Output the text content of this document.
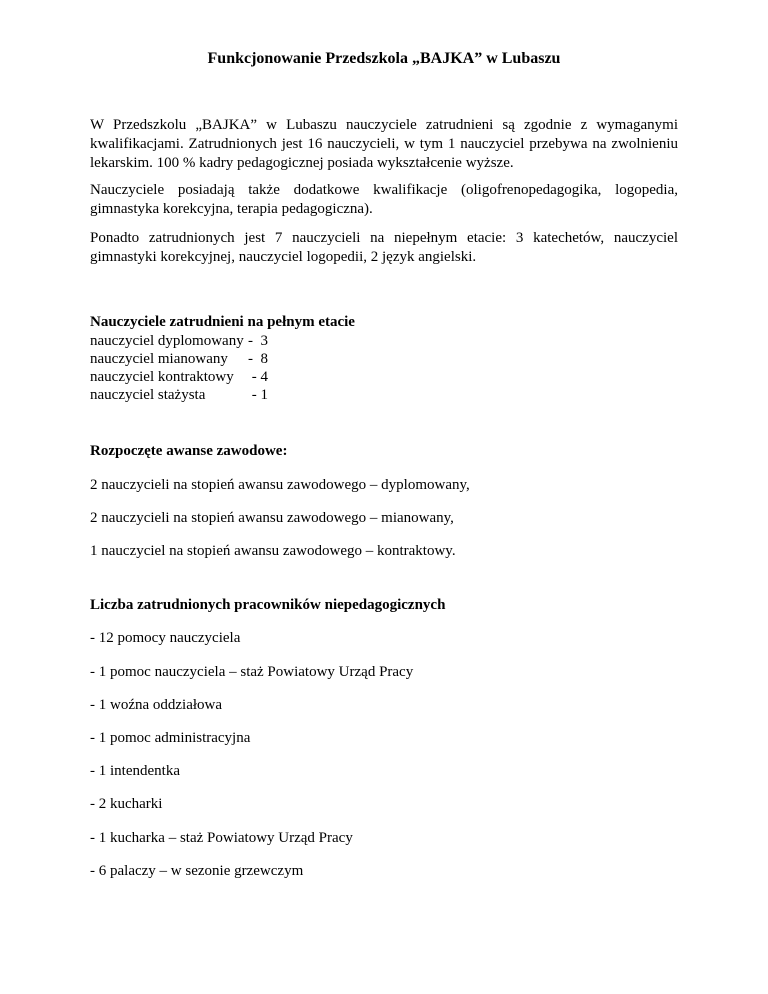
Funkcjonowanie Przedszkola „BAJKA” w Lubaszu

W Przedszkolu „BAJKA” w Lubaszu nauczyciele zatrudnieni są zgodnie z wymaganymi kwalifikacjami. Zatrudnionych jest 16 nauczycieli, w tym 1 nauczyciel przebywa na zwolnieniu lekarskim. 100 % kadry pedagogicznej posiada wykształcenie wyższe.

Nauczyciele posiadają także dodatkowe kwalifikacje (oligofrenopedagogika, logopedia, gimnastyka korekcyjna, terapia pedagogiczna).

Ponadto zatrudnionych jest 7 nauczycieli na niepełnym etacie: 3 katechetów, nauczyciel gimnastyki korekcyjnej, nauczyciel logopedii, 2 język angielski.

Nauczyciele zatrudnieni na pełnym etacie

nauczyciel dyplomowany -  3
nauczyciel mianowany -  8
nauczyciel kontraktowy - 4
nauczyciel stażysta	- 1

Rozpoczęte awanse zawodowe:

2 nauczycieli na stopień awansu zawodowego – dyplomowany,

2 nauczycieli na stopień awansu zawodowego – mianowany,

1 nauczyciel na stopień awansu zawodowego – kontraktowy.

Liczba zatrudnionych pracowników niepedagogicznych

- 12 pomocy nauczyciela

- 1 pomoc nauczyciela – staż Powiatowy Urząd Pracy

- 1 woźna oddziałowa

- 1 pomoc administracyjna

- 1 intendentka

- 2 kucharki

- 1 kucharka – staż Powiatowy Urząd Pracy

- 6 palaczy – w sezonie grzewczym
